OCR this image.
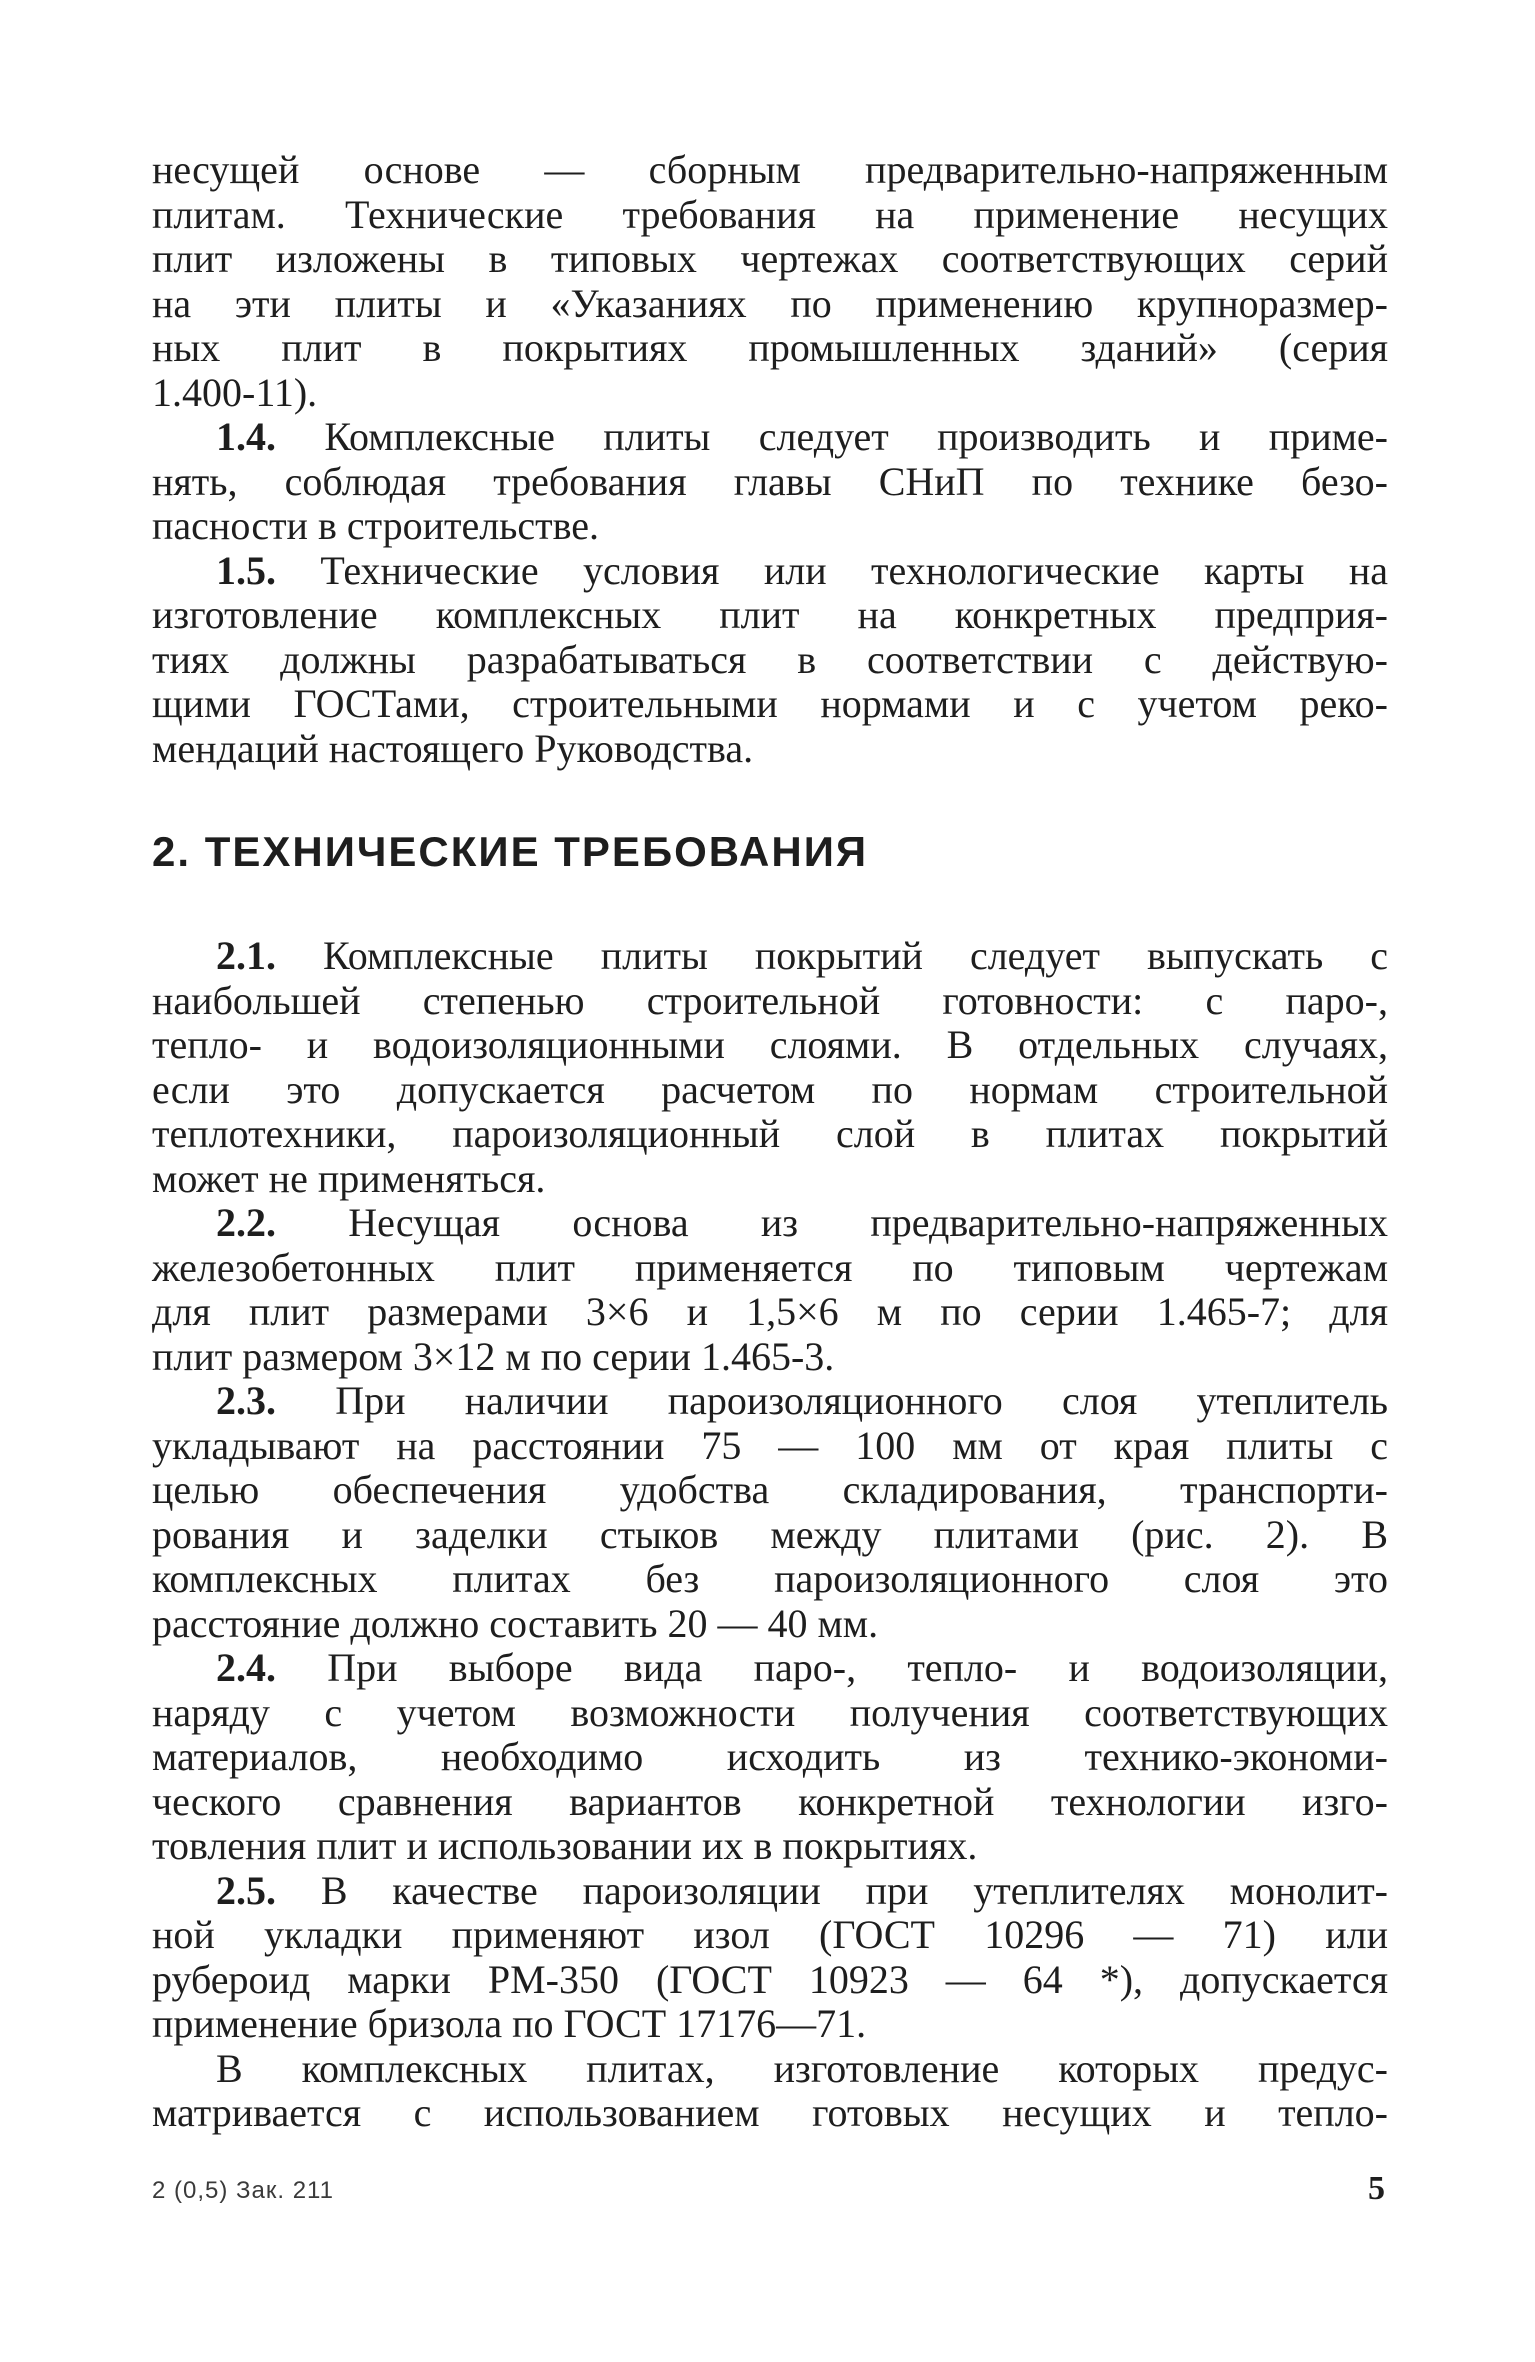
несущей основе — сборным предварительно-напряженным
плитам. Технические требования на применение несущих
плит изложены в типовых чертежах соответствующих серий
на эти плиты и «Указаниях по применению крупноразмер-
ных плит в покрытиях промышленных зданий» (серия
1.400-11).
1.4. Комплексные плиты следует производить и приме-
нять, соблюдая требования главы СНиП по технике безо-
пасности в строительстве.
1.5. Технические условия или технологические карты на
изготовление комплексных плит на конкретных предприя-
тиях должны разрабатываться в соответствии с действую-
щими ГОСТами, строительными нормами и с учетом реко-
мендаций настоящего Руководства.
2. ТЕХНИЧЕСКИЕ ТРЕБОВАНИЯ
2.1. Комплексные плиты покрытий следует выпускать с
наибольшей степенью строительной готовности: с паро-,
тепло- и водоизоляционными слоями. В отдельных случаях,
если это допускается расчетом по нормам строительной
теплотехники, пароизоляционный слой в плитах покрытий
может не применяться.
2.2. Несущая основа из предварительно-напряженных
железобетонных плит применяется по типовым чертежам
для плит размерами 3×6 и 1,5×6 м по серии 1.465-7; для
плит размером 3×12 м по серии 1.465-3.
2.3. При наличии пароизоляционного слоя утеплитель
укладывают на расстоянии 75 — 100 мм от края плиты с
целью обеспечения удобства складирования, транспорти-
рования и заделки стыков между плитами (рис. 2). В
комплексных плитах без пароизоляционного слоя это
расстояние должно составить 20 — 40 мм.
2.4. При выборе вида паро-, тепло- и водоизоляции,
наряду с учетом возможности получения соответствующих
материалов, необходимо исходить из технико-экономи-
ческого сравнения вариантов конкретной технологии изго-
товления плит и использовании их в покрытиях.
2.5. В качестве пароизоляции при утеплителях монолит-
ной укладки применяют изол (ГОСТ 10296 — 71) или
рубероид марки РМ-350 (ГОСТ 10923 — 64 *), допускается
применение бризола по ГОСТ 17176—71.
В комплексных плитах, изготовление которых предус-
матривается с использованием готовых несущих и тепло-
2 (0,5) Зак. 211	5
